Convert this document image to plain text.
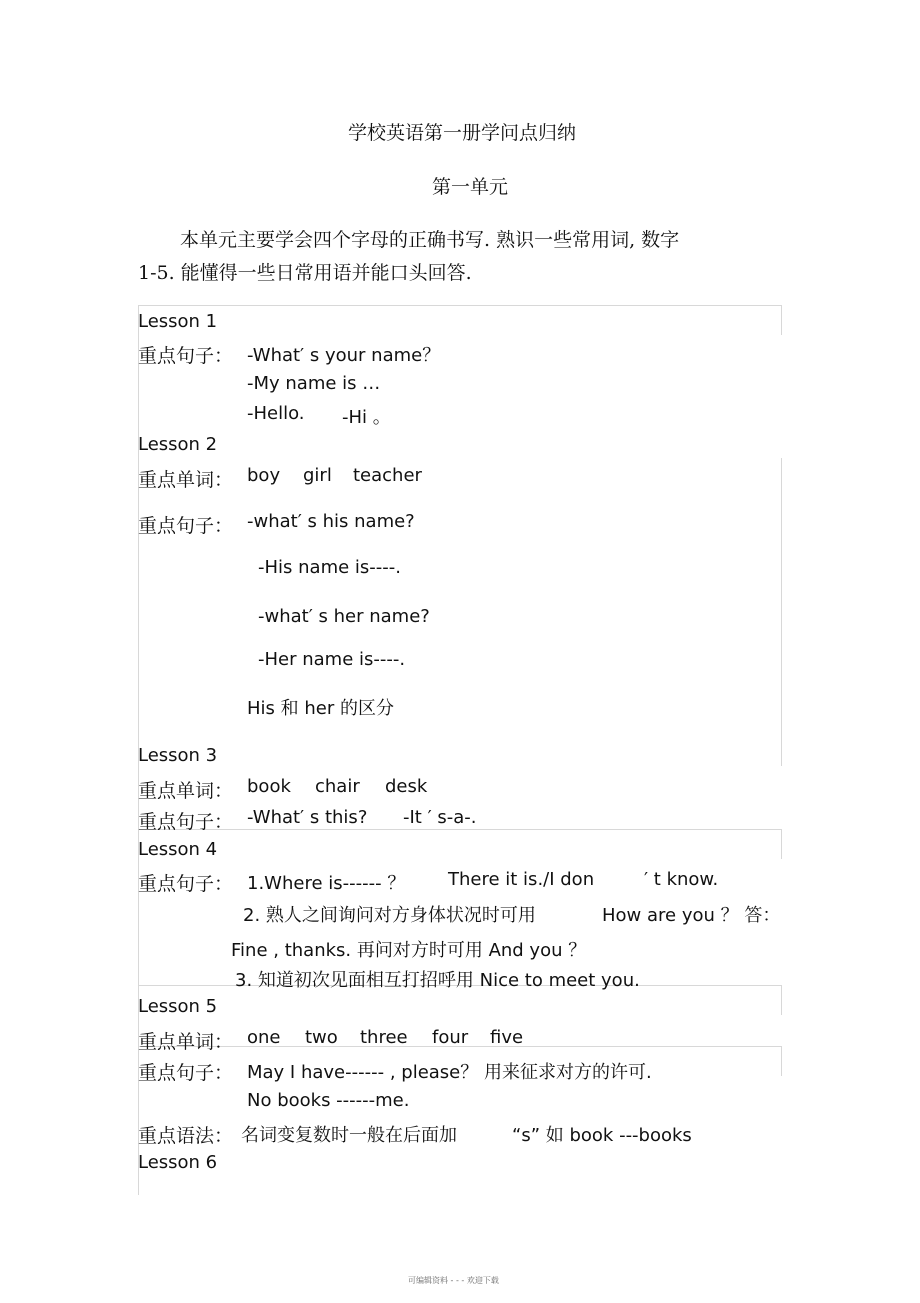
学校英语第一册学问点归纳
第一单元
本单元主要学会四个字母的正确书写. 熟识一些常用词, 数字
1-5. 能懂得一些日常用语并能口头回答.
Lesson 1
重点句子： -What′ s your name？
-My name is …
-Hello. -Hi 。
Lesson 2
重点单词： boy girl teacher
重点句子： -what′ s his name?
-His name is----.
-what′ s her name?
-Her name is----.
His 和 her 的区分
Lesson 3
重点单词： book chair desk
重点句子： -What′ s this? -It ′ s-a-.
Lesson 4
重点句子： 1.Where is------ ？ There it is./I don	′ t know.
2. 熟人之间询问对方身体状况时可用	How are you ？ 答：
Fine , thanks. 再问对方时可用 And you ？
3. 知道初次见面相互打招呼用 Nice to meet you.
Lesson 5
重点单词： one two three four five
重点句子： May I have------ , please？ 用来征求对方的许可.
No books ------me.
重点语法： 名词变复数时一般在后面加	“s” 如 book ---books
Lesson 6
可编辑资料 - - - 欢迎下载
